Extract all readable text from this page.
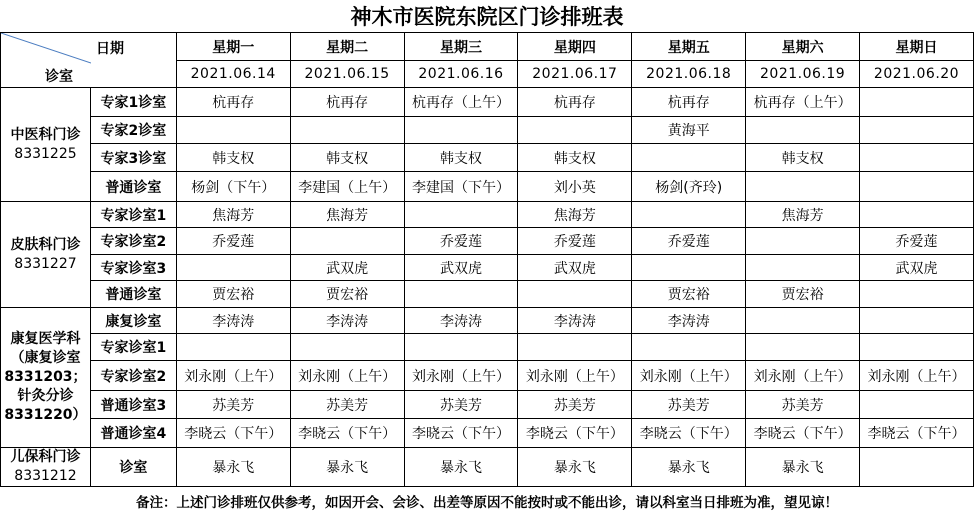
神木市医院东院区门诊排班表
日期
诊室		星期一	星期二	星期三	星期四	星期五	星期六	星期日
		2021.06.14	2021.06.15	2021.06.16	2021.06.17	2021.06.18	2021.06.19	2021.06.20

中医科门诊
8331225	专家1诊室	杭再存	杭再存	杭再存（上午）	杭再存	杭再存	杭再存（上午）	
	专家2诊室					黄海平		
	专家3诊室	韩支权	韩支权	韩支权	韩支权		韩支权	
	普通诊室	杨剑（下午）	李建国（上午）	李建国（下午）	刘小英	杨剑(齐玲)		

皮肤科门诊
8331227	专家诊室1	焦海芳	焦海芳		焦海芳		焦海芳	
	专家诊室2	乔爱莲		乔爱莲	乔爱莲	乔爱莲		乔爱莲
	专家诊室3		武双虎	武双虎	武双虎			武双虎
	普通诊室	贾宏裕	贾宏裕			贾宏裕	贾宏裕	

康复医学科
（康复诊室
8331203；
针灸分诊
8331220）	康复诊室	李涛涛	李涛涛	李涛涛	李涛涛	李涛涛		
	专家诊室1							
	专家诊室2	刘永刚（上午）	刘永刚（上午）	刘永刚（上午）	刘永刚（上午）	刘永刚（上午）	刘永刚（上午）	刘永刚（上午）
	普通诊室3	苏美芳	苏美芳	苏美芳	苏美芳	苏美芳	苏美芳	
	普通诊室4	李晓云（下午）	李晓云（下午）	李晓云（下午）	李晓云（下午）	李晓云（下午）	李晓云（下午）	李晓云（下午）

儿保科门诊
8331212	诊室	暴永飞	暴永飞	暴永飞	暴永飞	暴永飞	暴永飞	
备注：上述门诊排班仅供参考，如因开会、会诊、出差等原因不能按时或不能出诊，请以科室当日排班为准，望见谅！								
